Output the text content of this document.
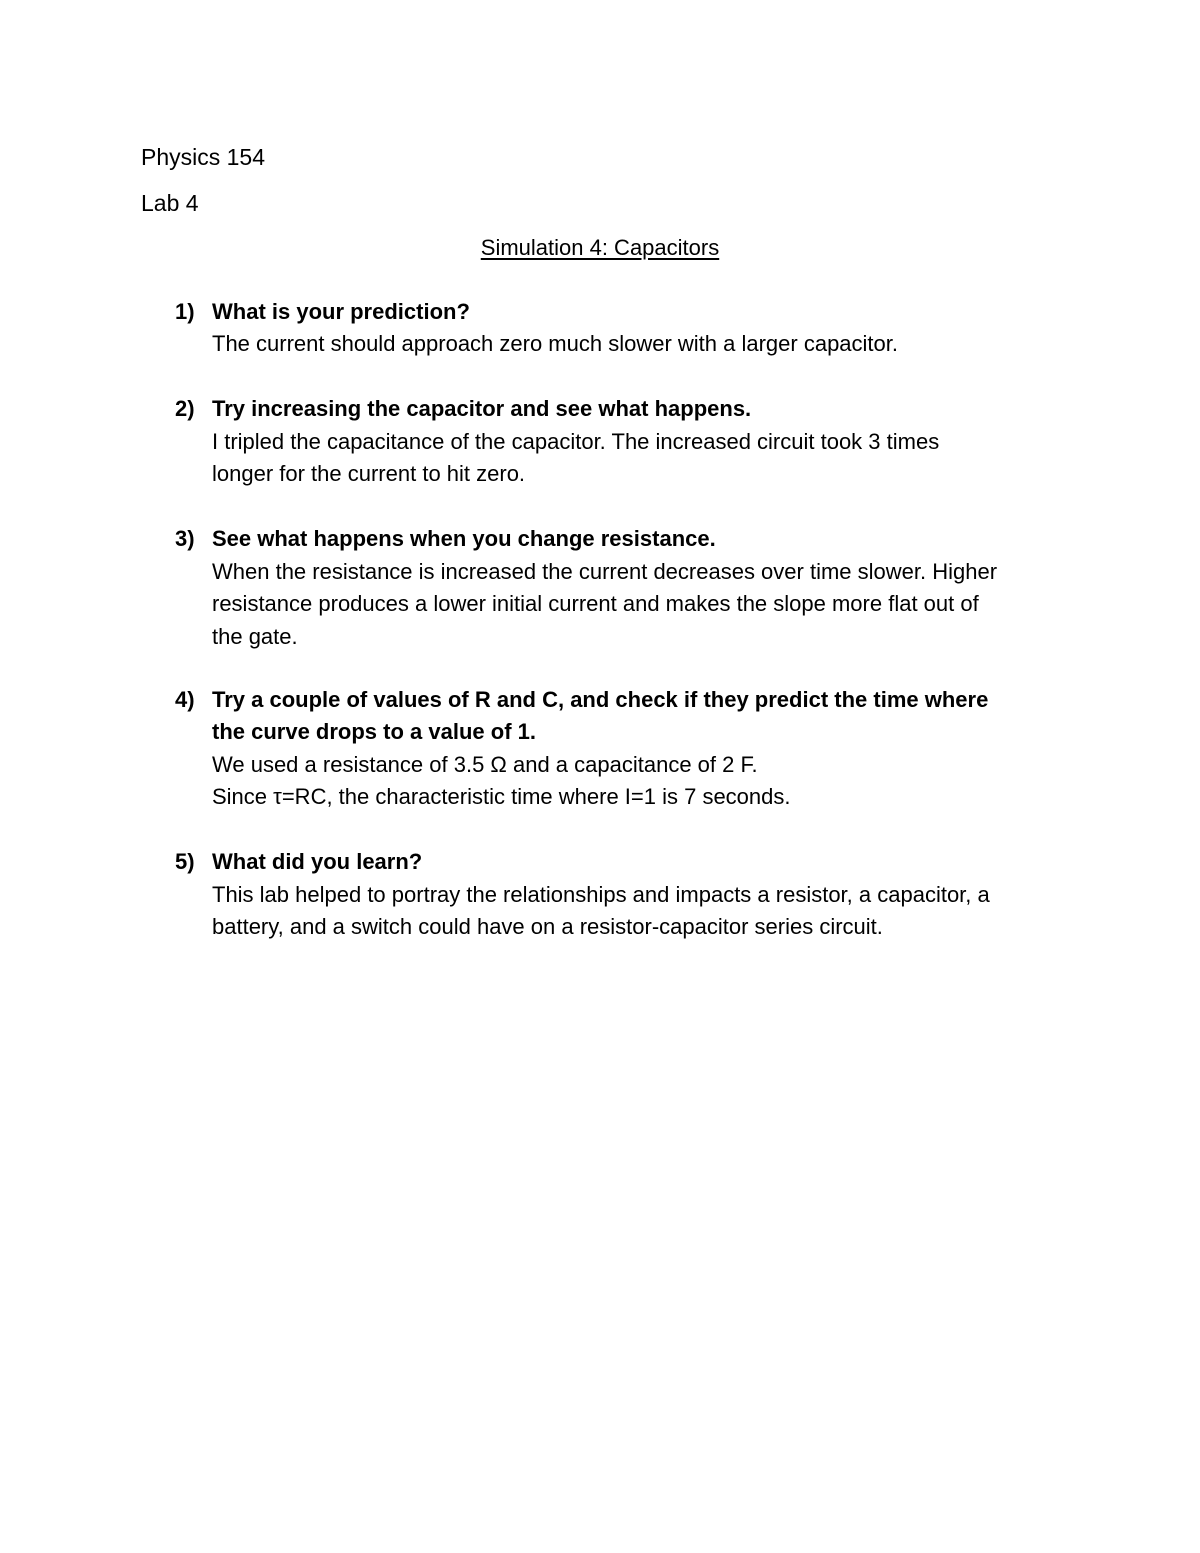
Physics 154

Lab 4

Simulation 4: Capacitors

1) What is your prediction?

The current should approach zero much slower with a larger capacitor.

2) Try increasing the capacitor and see what happens.

I tripled the capacitance of the capacitor. The increased circuit took 3 times

longer for the current to hit zero.

3) See what happens when you change resistance.

When the resistance is increased the current decreases over time slower. Higher

resistance produces a lower initial current and makes the slope more flat out of

the gate.

4) Try a couple of values of R and C, and check if they predict the time where

the curve drops to a value of 1.

We used a resistance of 3.5 Ω and a capacitance of 2 F.

Since τ=RC, the characteristic time where I=1 is 7 seconds.

5) What did you learn?

This lab helped to portray the relationships and impacts a resistor, a capacitor, a

battery, and a switch could have on a resistor-capacitor series circuit.
